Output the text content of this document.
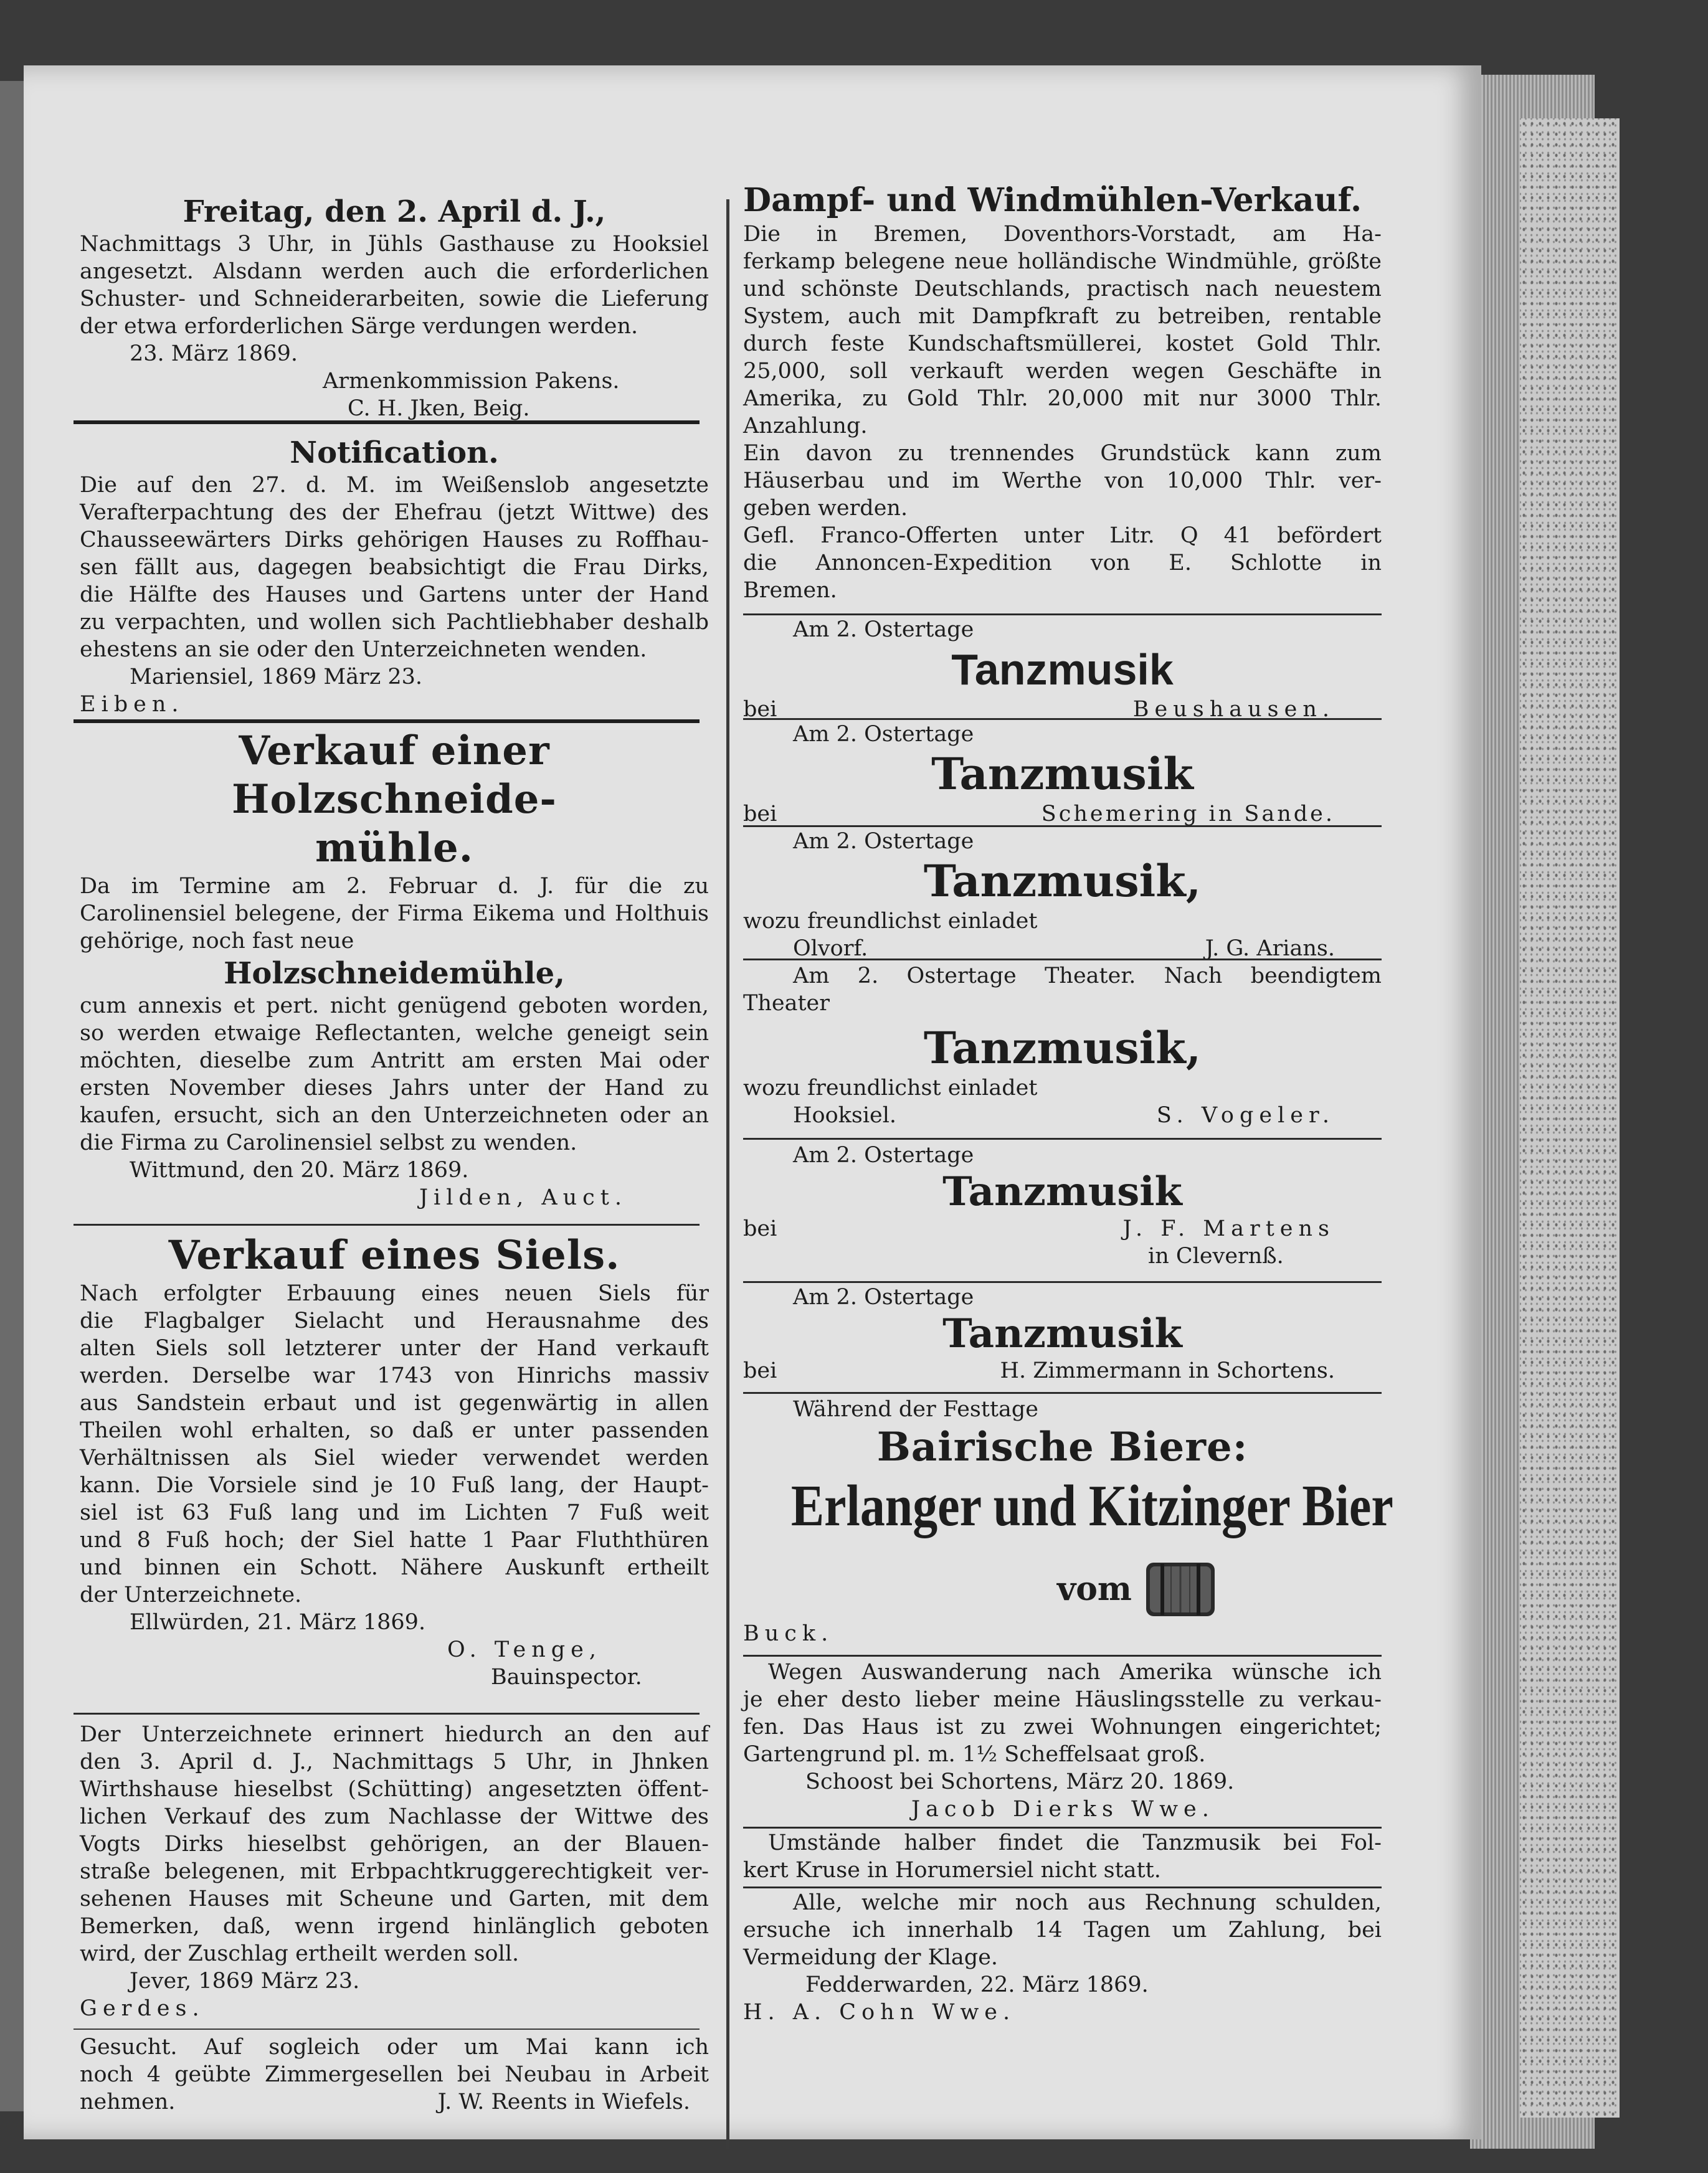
Freitag, den 2. April d. J.,

Nachmittags 3 Uhr, in Jühls Gasthause zu Hooksiel

angesetzt. Alsdann werden auch die erforderlichen

Schuster- und Schneiderarbeiten, sowie die Lieferung

der etwa erforderlichen Särge verdungen werden.

23. März 1869.

Armenkommission Pakens.

C. H. Jken, Beig.

Notification.

Die auf den 27. d. M. im Weißenslob angesetzte

Verafterpachtung des der Ehefrau (jetzt Wittwe) des

Chausseewärters Dirks gehörigen Hauses zu Roffhau-

sen fällt aus, dagegen beabsichtigt die Frau Dirks,

die Hälfte des Hauses und Gartens unter der Hand

zu verpachten, und wollen sich Pachtliebhaber deshalb

ehestens an sie oder den Unterzeichneten wenden.

Mariensiel, 1869 März 23.

Eiben.

Verkauf einer Holzschneide-
mühle.

Da im Termine am 2. Februar d. J. für die zu

Carolinensiel belegene, der Firma Eikema und Holthuis

gehörige, noch fast neue

Holzschneidemühle,

cum annexis et pert. nicht genügend geboten worden,

so werden etwaige Reflectanten, welche geneigt sein

möchten, dieselbe zum Antritt am ersten Mai oder

ersten November dieses Jahrs unter der Hand zu

kaufen, ersucht, sich an den Unterzeichneten oder an

die Firma zu Carolinensiel selbst zu wenden.

Wittmund, den 20. März 1869.

Jilden, Auct.

Verkauf eines Siels.

Nach erfolgter Erbauung eines neuen Siels für

die Flagbalger Sielacht und Herausnahme des

alten Siels soll letzterer unter der Hand verkauft

werden. Derselbe war 1743 von Hinrichs massiv

aus Sandstein erbaut und ist gegenwärtig in allen

Theilen wohl erhalten, so daß er unter passenden

Verhältnissen als Siel wieder verwendet werden

kann. Die Vorsiele sind je 10 Fuß lang, der Haupt-

siel ist 63 Fuß lang und im Lichten 7 Fuß weit

und 8 Fuß hoch; der Siel hatte 1 Paar Fluththüren

und binnen ein Schott. Nähere Auskunft ertheilt

der Unterzeichnete.

Ellwürden, 21. März 1869.

O. Tenge,

Bauinspector.

Der Unterzeichnete erinnert hiedurch an den auf

den 3. April d. J., Nachmittags 5 Uhr, in Jhnken

Wirthshause hieselbst (Schütting) angesetzten öffent-

lichen Verkauf des zum Nachlasse der Wittwe des

Vogts Dirks hieselbst gehörigen, an der Blauen-

straße belegenen, mit Erbpachtkruggerechtigkeit ver-

sehenen Hauses mit Scheune und Garten, mit dem

Bemerken, daß, wenn irgend hinlänglich geboten

wird, der Zuschlag ertheilt werden soll.

Jever, 1869 März 23.

Gerdes.

Gesucht. Auf sogleich oder um Mai kann ich

noch 4 geübte Zimmergesellen bei Neubau in Arbeit

nehmen.	J. W. Reents in Wiefels.
Dampf- und Windmühlen-Verkauf.

Die in Bremen, Doventhors-Vorstadt, am Ha-

ferkamp belegene neue holländische Windmühle, größte

und schönste Deutschlands, practisch nach neuestem

System, auch mit Dampfkraft zu betreiben, rentable

durch feste Kundschaftsmüllerei, kostet Gold Thlr.

25,000, soll verkauft werden wegen Geschäfte in

Amerika, zu Gold Thlr. 20,000 mit nur 3000 Thlr.

Anzahlung.

Ein davon zu trennendes Grundstück kann zum

Häuserbau und im Werthe von 10,000 Thlr. ver-

geben werden.

Gefl. Franco-Offerten unter Litr. Q 41 befördert

die Annoncen-Expedition von E. Schlotte in

Bremen.

Am 2. Ostertage

Tanzmusik
bei	Beushausen.

Am 2. Ostertage

Tanzmusik
bei	Schemering in Sande.

Am 2. Ostertage

Tanzmusik,

wozu freundlichst einladet

Olvorf.	J. G. Arians.

Am 2. Ostertage Theater. Nach beendigtem

Theater

Tanzmusik,

wozu freundlichst einladet

Hooksiel.	S. Vogeler.

Am 2. Ostertage

Tanzmusik
bei	J. F. Martens

in Clevernß.

Am 2. Ostertage

Tanzmusik
bei	H. Zimmermann in Schortens.

Während der Festtage

Bairische Biere:
Erlanger und Kitzinger Bier
vom

Buck.

Wegen Auswanderung nach Amerika wünsche ich

je eher desto lieber meine Häuslingsstelle zu verkau-

fen. Das Haus ist zu zwei Wohnungen eingerichtet;

Gartengrund pl. m. 1½ Scheffelsaat groß.

Schoost bei Schortens, März 20. 1869.

Jacob Dierks Wwe.

Umstände halber findet die Tanzmusik bei Fol-

kert Kruse in Horumersiel nicht statt.

Alle, welche mir noch aus Rechnung schulden,

ersuche ich innerhalb 14 Tagen um Zahlung, bei

Vermeidung der Klage.

Fedderwarden, 22. März 1869.

H. A. Cohn Wwe.
